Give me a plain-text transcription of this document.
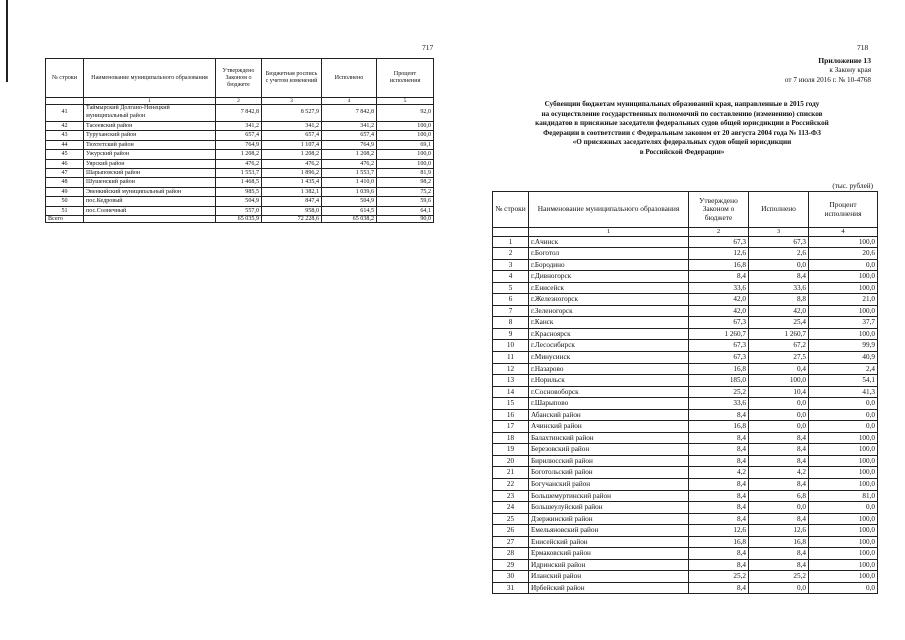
717
№ строки	Наименование муниципального образования	Утверждено Законом о бюджете	Бюджетная роспись с учетом изменений	Исполнено	Процент исполнения
	1	2	3	4	5
41	Таймырский Долгано-Ненецкий муниципальный район	7 842,8	8 527,9	7 842,8	92,0
42	Тасеевский район	341,2	341,2	341,2	100,0
43	Туруханский район	657,4	657,4	657,4	100,0
44	Тюхтетский район	764,9	1 107,4	764,9	69,1
45	Ужурский район	1 208,2	1 208,2	1 208,2	100,0
46	Уярский район	476,2	476,2	476,2	100,0
47	Шарыповский район	1 553,7	1 896,2	1 553,7	81,9
48	Шушенский район	1 468,5	1 435,4	1 410,0	98,2
49	Эвенкийский муниципальный район	985,5	1 382,1	1 039,6	75,2
50	пос.Кедровый	504,9	847,4	504,9	59,6
51	пос.Солнечный	557,0	958,0	614,5	64,1
Всего		65 035,9	72 228,6	65 038,2	90,0
718
Приложение 13
к Закону края
от 7 июля 2016 г. № 10-4768
Субвенции бюджетам муниципальных образований края, направленные в 2015 году
на осуществление государственных полномочий по составлению (изменению) списков
кандидатов в присяжные заседатели федеральных судов общей юрисдикции в Российской
Федерации в соответствии с Федеральным законом от 20 августа 2004 года № 113-ФЗ
«О присяжных заседателях федеральных судов общей юрисдикции
в Российской Федерации»
(тыс. рублей)
№ строки	Наименование муниципального образования	Утверждено Законом о бюджете	Исполнено	Процент исполнения
	1	2	3	4
1	г.Ачинск	67,3	67,3	100,0
2	г.Боготол	12,6	2,6	20,6
3	г.Бородино	16,8	0,0	0,0
4	г.Дивногорск	8,4	8,4	100,0
5	г.Енисейск	33,6	33,6	100,0
6	г.Железногорск	42,0	8,8	21,0
7	г.Зеленогорск	42,0	42,0	100,0
8	г.Канск	67,3	25,4	37,7
9	г.Красноярск	1 260,7	1 260,7	100,0
10	г.Лесосибирск	67,3	67,2	99,9
11	г.Минусинск	67,3	27,5	40,9
12	г.Назарово	16,8	0,4	2,4
13	г.Норильск	185,0	100,0	54,1
14	г.Сосновоборск	25,2	10,4	41,3
15	г.Шарыпово	33,6	0,0	0,0
16	Абанский район	8,4	0,0	0,0
17	Ачинский район	16,8	0,0	0,0
18	Балахтинский район	8,4	8,4	100,0
19	Березовский район	8,4	8,4	100,0
20	Бирилюсский район	8,4	8,4	100,0
21	Боготольский район	4,2	4,2	100,0
22	Богучанский район	8,4	8,4	100,0
23	Большемуртинский район	8,4	6,8	81,0
24	Большеулуйский район	8,4	0,0	0,0
25	Дзержинский район	8,4	8,4	100,0
26	Емельяновский район	12,6	12,6	100,0
27	Енисейский район	16,8	16,8	100,0
28	Ермаковский район	8,4	8,4	100,0
29	Идринский район	8,4	8,4	100,0
30	Иланский район	25,2	25,2	100,0
31	Ирбейский район	8,4	0,0	0,0
